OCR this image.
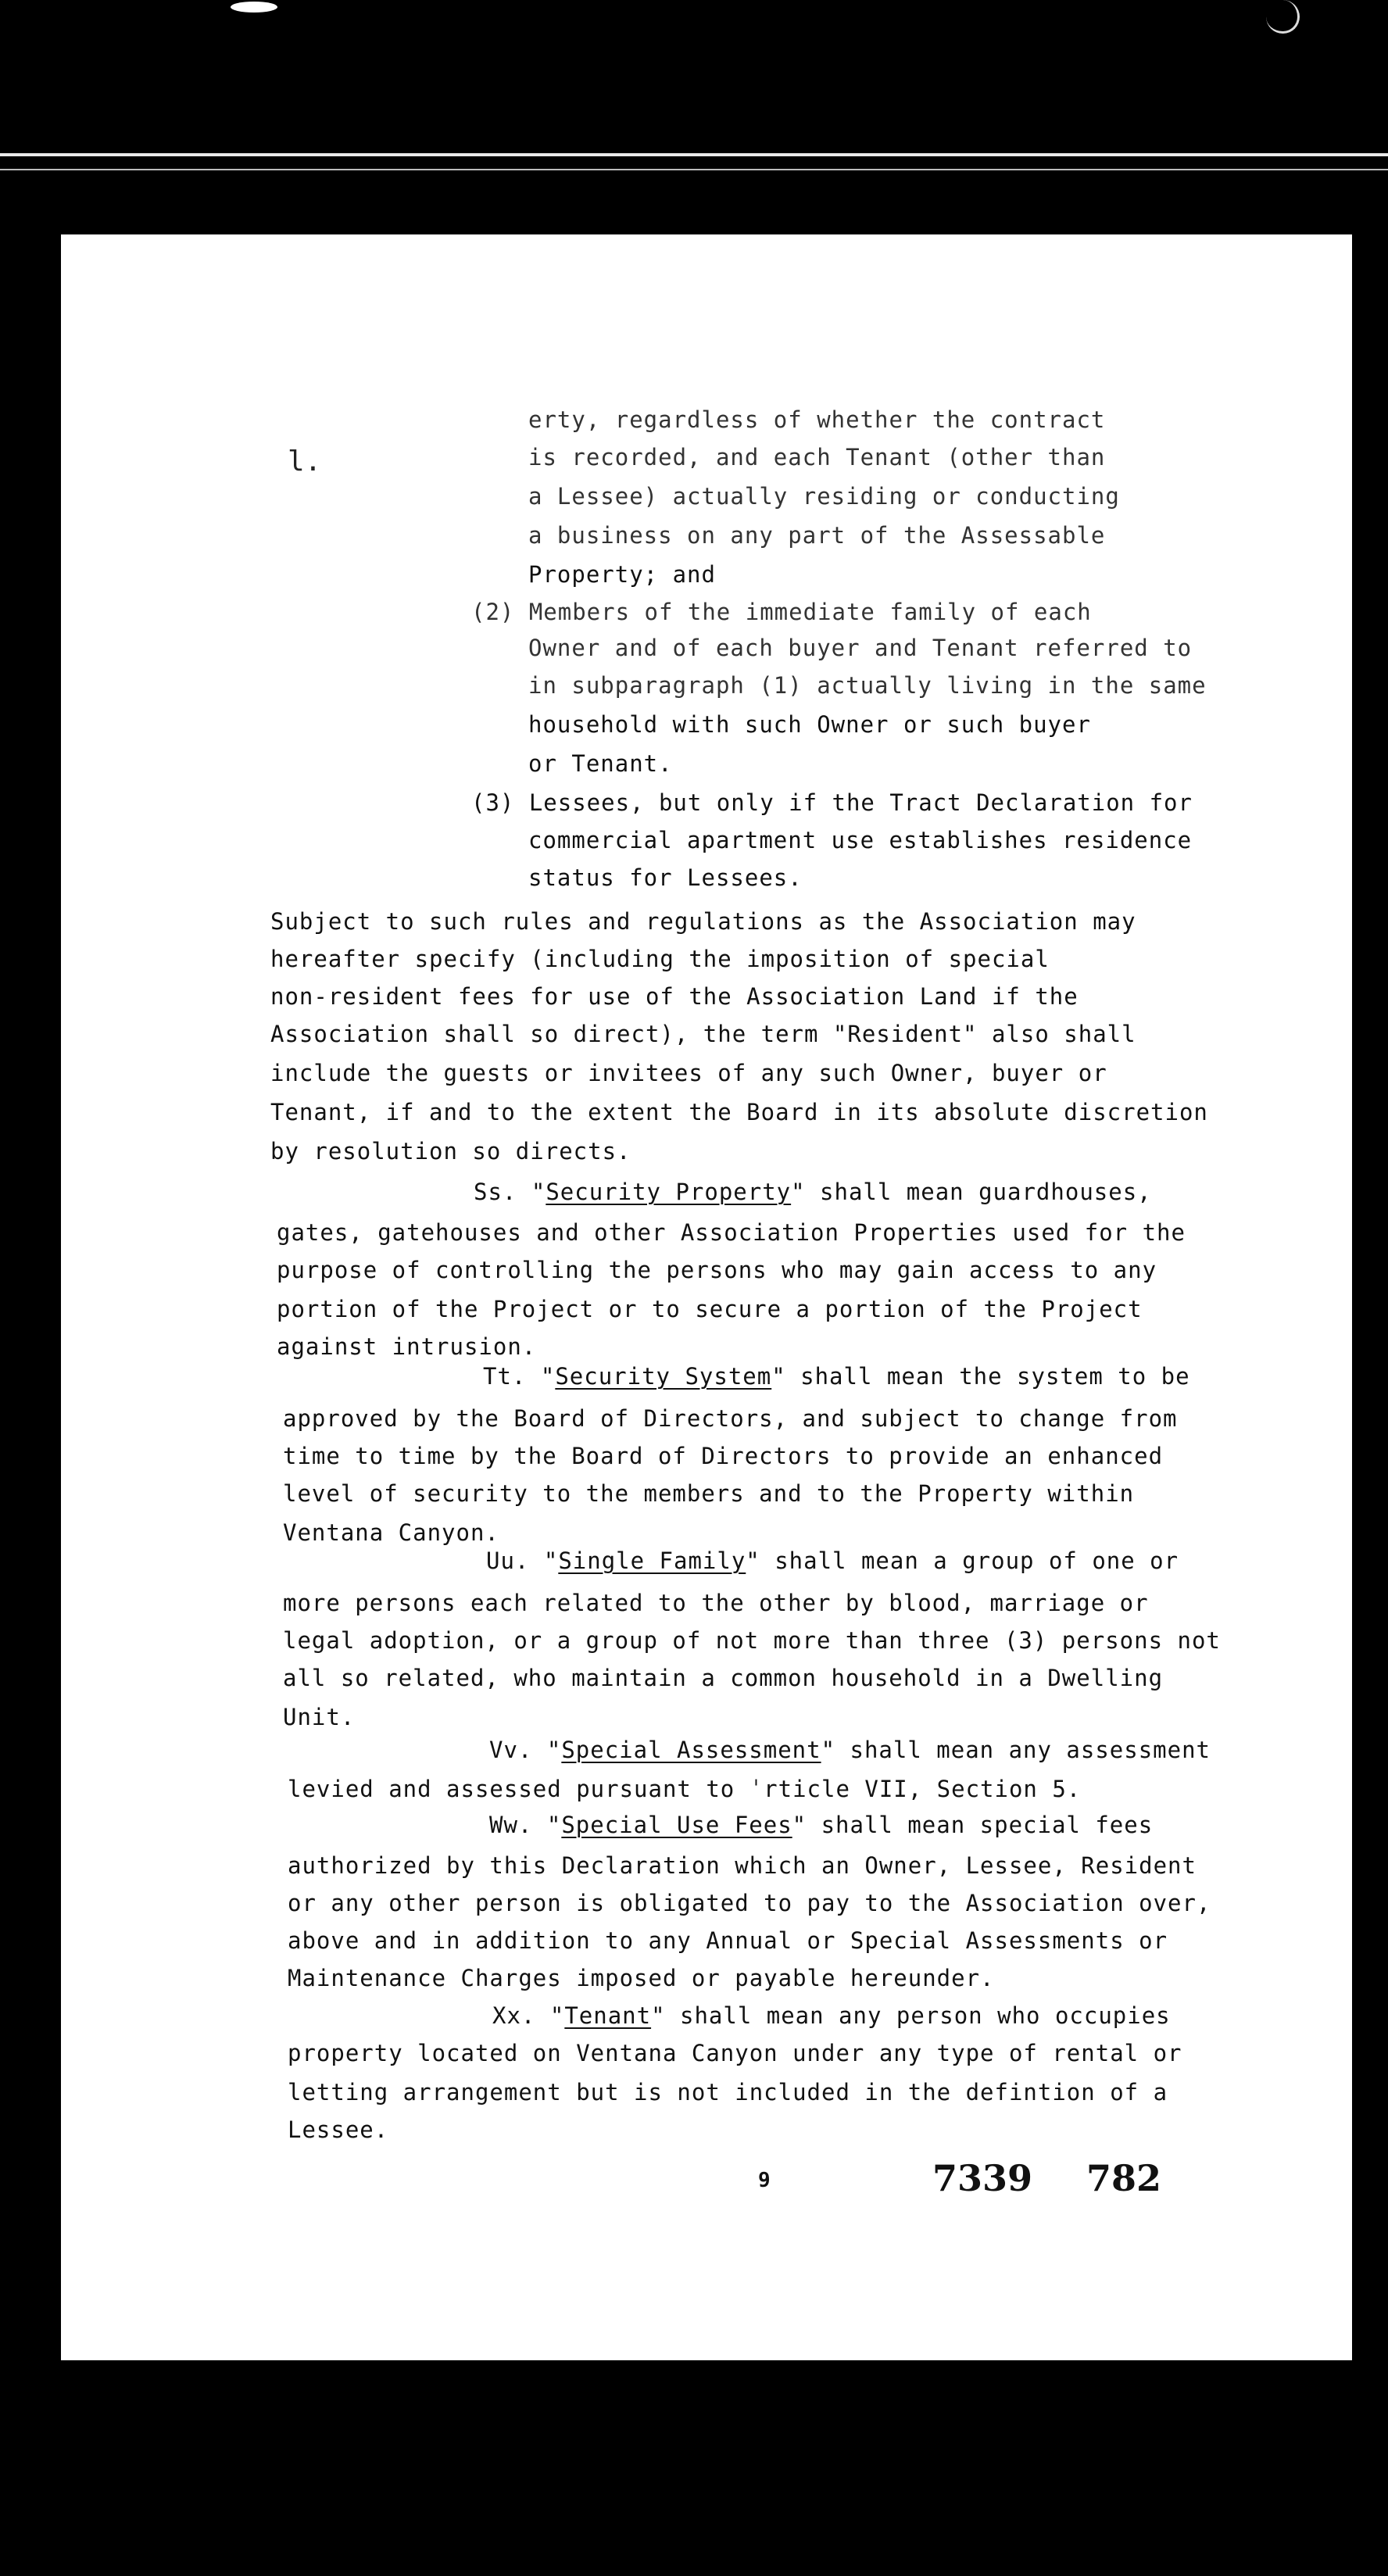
l.
erty, regardless of whether the contract
is recorded, and each Tenant (other than
a Lessee) actually residing or conducting
a business on any part of the Assessable
Property; and
(2) Members of the immediate family of each
Owner and of each buyer and Tenant referred to
in subparagraph (1) actually living in the same
household with such Owner or such buyer
or Tenant.
(3) Lessees, but only if the Tract Declaration for
commercial apartment use establishes residence
status for Lessees.
Subject to such rules and regulations as the Association may
hereafter specify (including the imposition of special
non-resident fees for use of the Association Land if the
Association shall so direct), the term "Resident" also shall
include the guests or invitees of any such Owner, buyer or
Tenant, if and to the extent the Board in its absolute discretion
by resolution so directs.
Ss. "Security Property" shall mean guardhouses,
gates, gatehouses and other Association Properties used for the
purpose of controlling the persons who may gain access to any
portion of the Project or to secure a portion of the Project
against intrusion.
Tt. "Security System" shall mean the system to be
approved by the Board of Directors, and subject to change from
time to time by the Board of Directors to provide an enhanced
level of security to the members and to the Property within
Ventana Canyon.
Uu. "Single Family" shall mean a group of one or
more persons each related to the other by blood, marriage or
legal adoption, or a group of not more than three (3) persons not
all so related, who maintain a common household in a Dwelling
Unit.
Vv. "Special Assessment" shall mean any assessment
levied and assessed pursuant to ˈrticle VII, Section 5.
Ww. "Special Use Fees" shall mean special fees
authorized by this Declaration which an Owner, Lessee, Resident
or any other person is obligated to pay to the Association over,
above and in addition to any Annual or Special Assessments or
Maintenance Charges imposed or payable hereunder.
Xx. "Tenant" shall mean any person who occupies
property located on Ventana Canyon under any type of rental or
letting arrangement but is not included in the defintion of a
Lessee.
9	7339 782
